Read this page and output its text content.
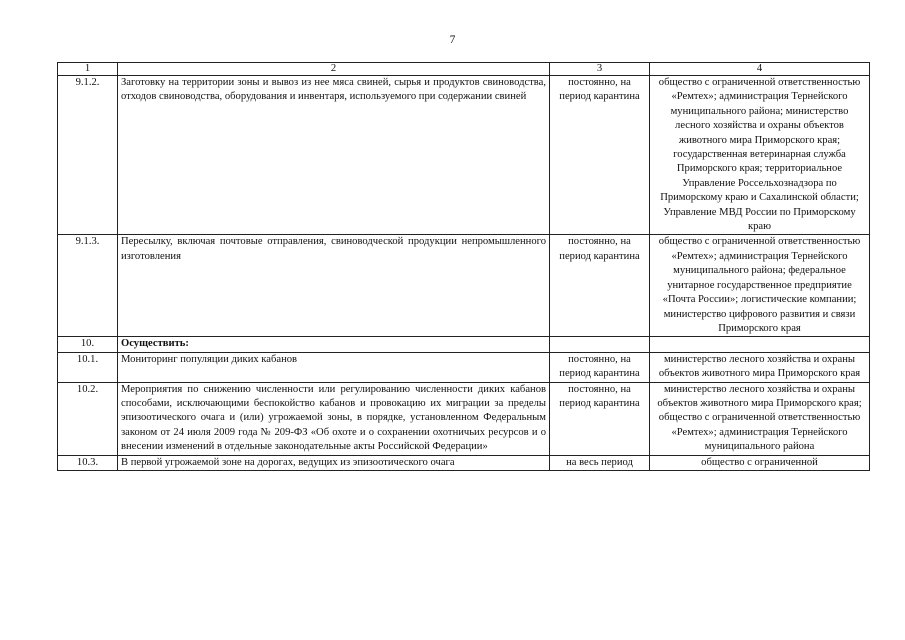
7
1	2	3	4
9.1.2.	Заготовку на территории зоны и вывоз из нее мяса свиней, сырья и продуктов свиноводства, отходов свиноводства, оборудования и инвентаря, используемого при содержании свиней	постоянно, на период карантина	общество с ограниченной ответственностью «Ремтех»; администрация Тернейского муниципального района; министерство лесного хозяйства и охраны объектов животного мира Приморского края; государственная ветеринарная служба Приморского края; территориальное Управление Россельхознадзора по Приморскому краю и Сахалинской области; Управление МВД России по Приморскому краю
9.1.3.	Пересылку, включая почтовые отправления, свиноводческой продукции непромышленного изготовления	постоянно, на период карантина	общество с ограниченной ответственностью «Ремтех»; администрация Тернейского муниципального района; федеральное унитарное государственное предприятие «Почта России»; логистические компании; министерство цифрового развития и связи Приморского края
10.	Осуществить:		
10.1.	Мониторинг популяции диких кабанов	постоянно, на период карантина	министерство лесного хозяйства и охраны объектов животного мира Приморского края
10.2.	Мероприятия по снижению численности или регулированию численности диких кабанов способами, исключающими беспокойство кабанов и провокацию их миграции за пределы эпизоотического очага и (или) угрожаемой зоны, в порядке, установленном Федеральным законом от 24 июля 2009 года № 209-ФЗ «Об охоте и о сохранении охотничьих ресурсов и о внесении изменений в отдельные законодательные акты Российской Федерации»	постоянно, на период карантина	министерство лесного хозяйства и охраны объектов животного мира Приморского края; общество с ограниченной ответственностью «Ремтех»; администрация Тернейского муниципального района
10.3.	В первой угрожаемой зоне на дорогах, ведущих из эпизоотического очага	на весь период	общество с ограниченной
